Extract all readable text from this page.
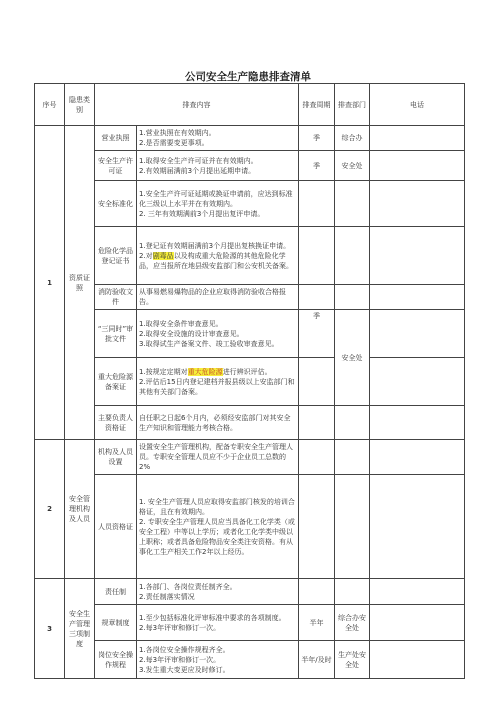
公司安全生产隐患排查清单
序号	隐患类别	排查内容		排查周期	排查部门	电话
1	资质证照	营业执照	1.营业执照在有效期内。
2.是否需要变更事项。	季	综合办	
		安全生产许可证	1.取得安全生产许可证并在有效期内。
2.有效期届满前3个月提出延期申请。	季	安全处	
		安全标准化	1.安全生产许可证延期或换证申请前，应达到标准化三级以上水平并在有效期内。
2. 三年有效期满前3个月提出复评申请。			

		危险化学品登记证书	1.登记证有效期届满前3个月提出复核换证申请。
2.对剧毒品以及构成重大危险源的其他危险化学品，应当报所在地县级安监部门和公安机关备案。			

		消防验收文件	从事易燃易爆物品的企业应取得消防验收合格报告。			

		“三同时”审批文件	1.取得安全条件审查意见。
2.取得安全设施的设计审查意见。
3.取得试生产备案文件、竣工验收审查意见。	季	安全处	
		重大危险源备案证	1.按规定定期对重大危险源进行辨识评估。
2.评估后15日内登记建档并报县级以上安监部门和其他有关部门备案。			

		主要负责人资格证	自任职之日起6个月内，必须经安监部门对其安全生产知识和管理能力考核合格。			

2	安全管理机构及人员	机构及人员设置	设置安全生产管理机构，配备专职安全生产管理人员。专职安全管理人员应不少于企业员工总数的2%			

		人员资格证	1. 安全生产管理人员应取得安监部门核发的培训合格证，且在有效期内。
2. 专职安全生产管理人员应当具备化工化学类（或安全工程）中等以上学历；或者化工化学类中级以上职称；或者具备危险物品安全类注安资格。有从事化工生产相关工作2年以上经历。			

3	安全生产管理三项制度	责任制	1.各部门、各岗位责任制齐全。
2.责任制落实情况			

		规章制度	1.至少包括标准化评审标准中要求的各项制度。
2.每3年评审和修订一次。	半年	综合办安全处	
		岗位安全操作规程	1.各岗位安全操作规程齐全。
2.每3年评审和修订一次。
3.发生重大变更应及时修订。	半年/及时	生产处安全处	
